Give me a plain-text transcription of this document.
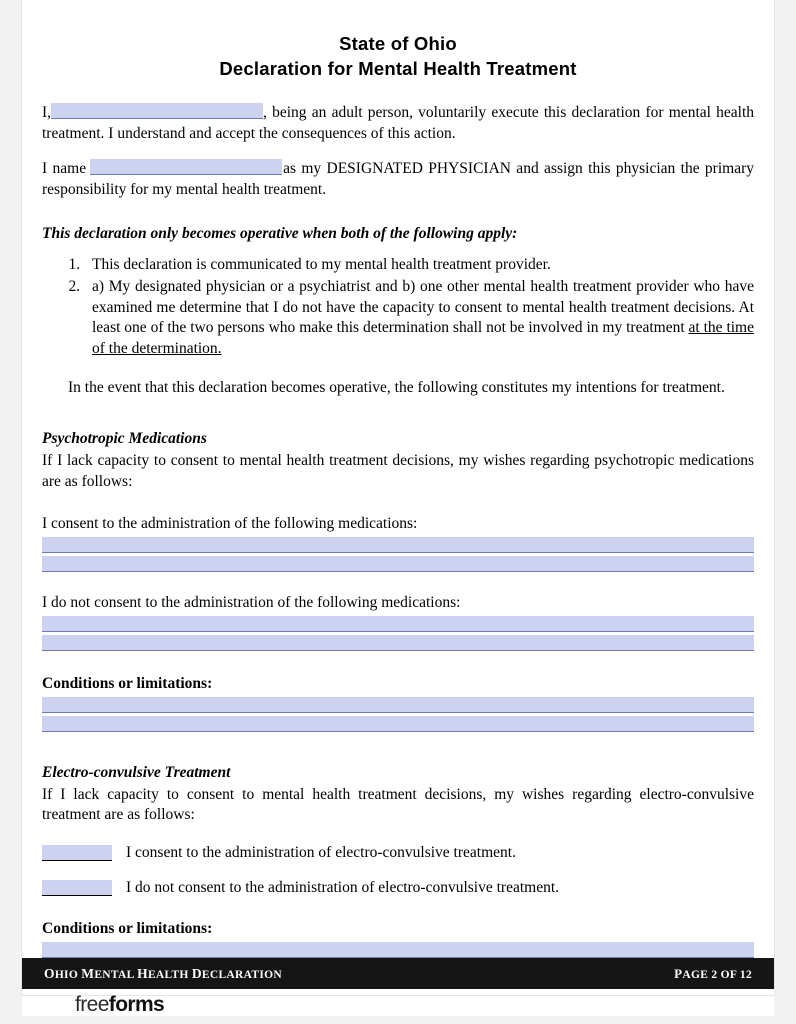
State of Ohio
Declaration for Mental Health Treatment
I,	, being an adult person, voluntarily execute this declaration for mental health treatment. I understand and accept the consequences of this action.
I name	as my DESIGNATED PHYSICIAN and assign this physician the primary responsibility for my mental health treatment.
This declaration only becomes operative when both of the following apply:
1. This declaration is communicated to my mental health treatment provider.
2. a) My designated physician or a psychiatrist and b) one other mental health treatment provider who have examined me determine that I do not have the capacity to consent to mental health treatment decisions. At least one of the two persons who make this determination shall not be involved in my treatment at the time of the determination.
In the event that this declaration becomes operative, the following constitutes my intentions for treatment.
Psychotropic Medications
If I lack capacity to consent to mental health treatment decisions, my wishes regarding psychotropic medications are as follows:
I consent to the administration of the following medications:
I do not consent to the administration of the following medications:
Conditions or limitations:
Electro-convulsive Treatment
If I lack capacity to consent to mental health treatment decisions, my wishes regarding electro-convulsive treatment are as follows:
I consent to the administration of electro-convulsive treatment.
I do not consent to the administration of electro-convulsive treatment.
Conditions or limitations:
OHIO MENTAL HEALTH DECLARATION	PAGE 2 OF 12
freeforms
